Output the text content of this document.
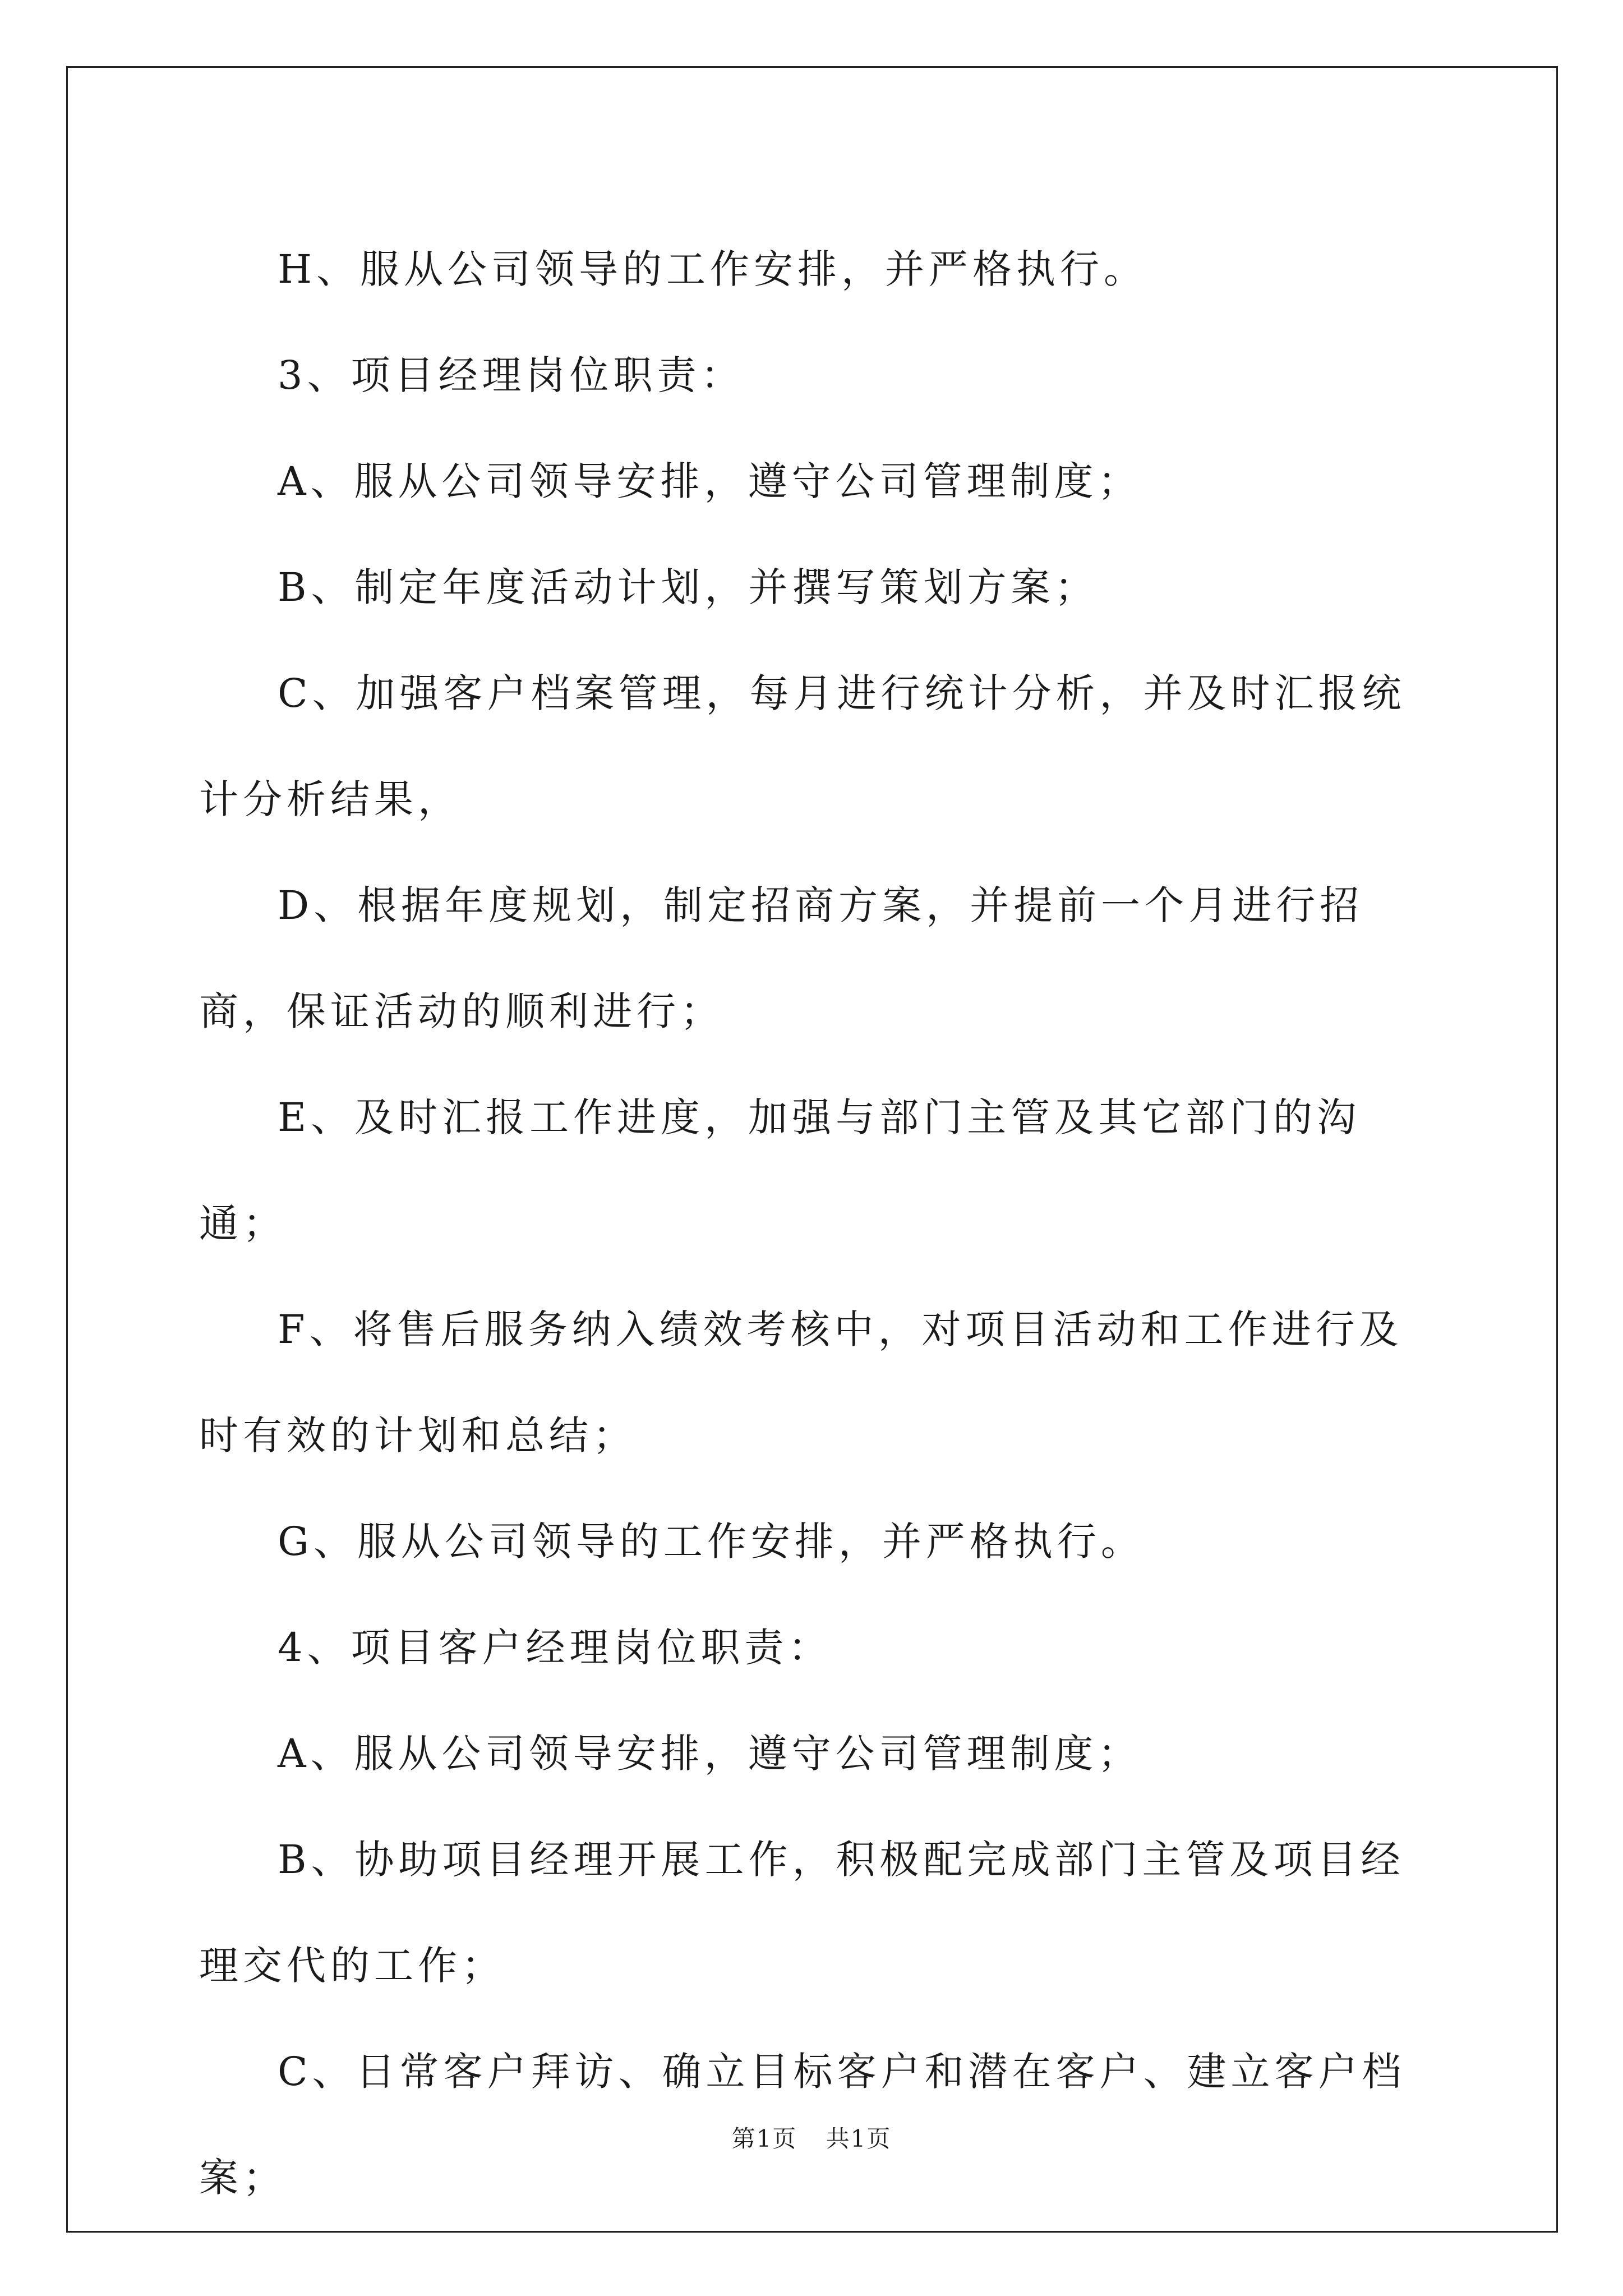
H、服从公司领导的工作安排，并严格执行。

3、项目经理岗位职责：

A、服从公司领导安排，遵守公司管理制度；

B、制定年度活动计划，并撰写策划方案；

C、加强客户档案管理，每月进行统计分析，并及时汇报统计分析结果，

D、根据年度规划，制定招商方案，并提前一个月进行招商，保证活动的顺利进行；

E、及时汇报工作进度，加强与部门主管及其它部门的沟通；

F、将售后服务纳入绩效考核中，对项目活动和工作进行及时有效的计划和总结；

G、服从公司领导的工作安排，并严格执行。

4、项目客户经理岗位职责：

A、服从公司领导安排，遵守公司管理制度；

B、协助项目经理开展工作，积极配完成部门主管及项目经理交代的工作；

C、日常客户拜访、确立目标客户和潜在客户、建立客户档案；

第1页 共1页
